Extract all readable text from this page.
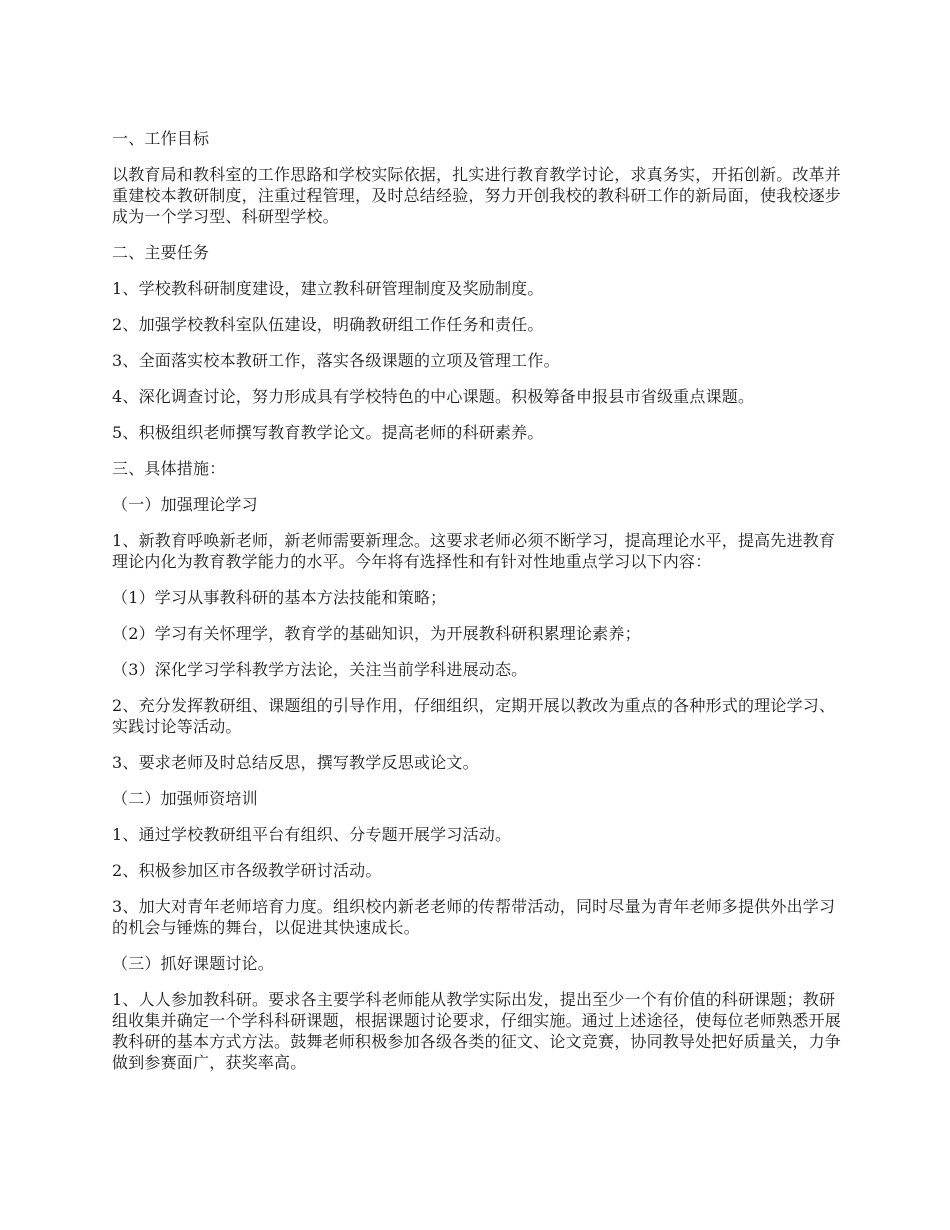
一、工作目标
以教育局和教科室的工作思路和学校实际依据，扎实进行教育教学讨论，求真务实，开拓创新。改革并重建校本教研制度，注重过程管理，及时总结经验，努力开创我校的教科研工作的新局面，使我校逐步成为一个学习型、科研型学校。
二、主要任务
1、学校教科研制度建设，建立教科研管理制度及奖励制度。
2、加强学校教科室队伍建设，明确教研组工作任务和责任。
3、全面落实校本教研工作，落实各级课题的立项及管理工作。
4、深化调查讨论，努力形成具有学校特色的中心课题。积极筹备申报县市省级重点课题。
5、积极组织老师撰写教育教学论文。提高老师的科研素养。
三、具体措施：
（一）加强理论学习
1、新教育呼唤新老师，新老师需要新理念。这要求老师必须不断学习，提高理论水平，提高先进教育理论内化为教育教学能力的水平。今年将有选择性和有针对性地重点学习以下内容：
（1）学习从事教科研的基本方法技能和策略；
（2）学习有关怀理学，教育学的基础知识，为开展教科研积累理论素养；
（3）深化学习学科教学方法论，关注当前学科进展动态。
2、充分发挥教研组、课题组的引导作用，仔细组织，定期开展以教改为重点的各种形式的理论学习、实践讨论等活动。
3、要求老师及时总结反思，撰写教学反思或论文。
（二）加强师资培训
1、通过学校教研组平台有组织、分专题开展学习活动。
2、积极参加区市各级教学研讨活动。
3、加大对青年老师培育力度。组织校内新老老师的传帮带活动，同时尽量为青年老师多提供外出学习的机会与锤炼的舞台，以促进其快速成长。
（三）抓好课题讨论。
1、人人参加教科研。要求各主要学科老师能从教学实际出发，提出至少一个有价值的科研课题；教研组收集并确定一个学科科研课题，根据课题讨论要求，仔细实施。通过上述途径，使每位老师熟悉开展教科研的基本方式方法。鼓舞老师积极参加各级各类的征文、论文竞赛，协同教导处把好质量关，力争做到参赛面广，获奖率高。
